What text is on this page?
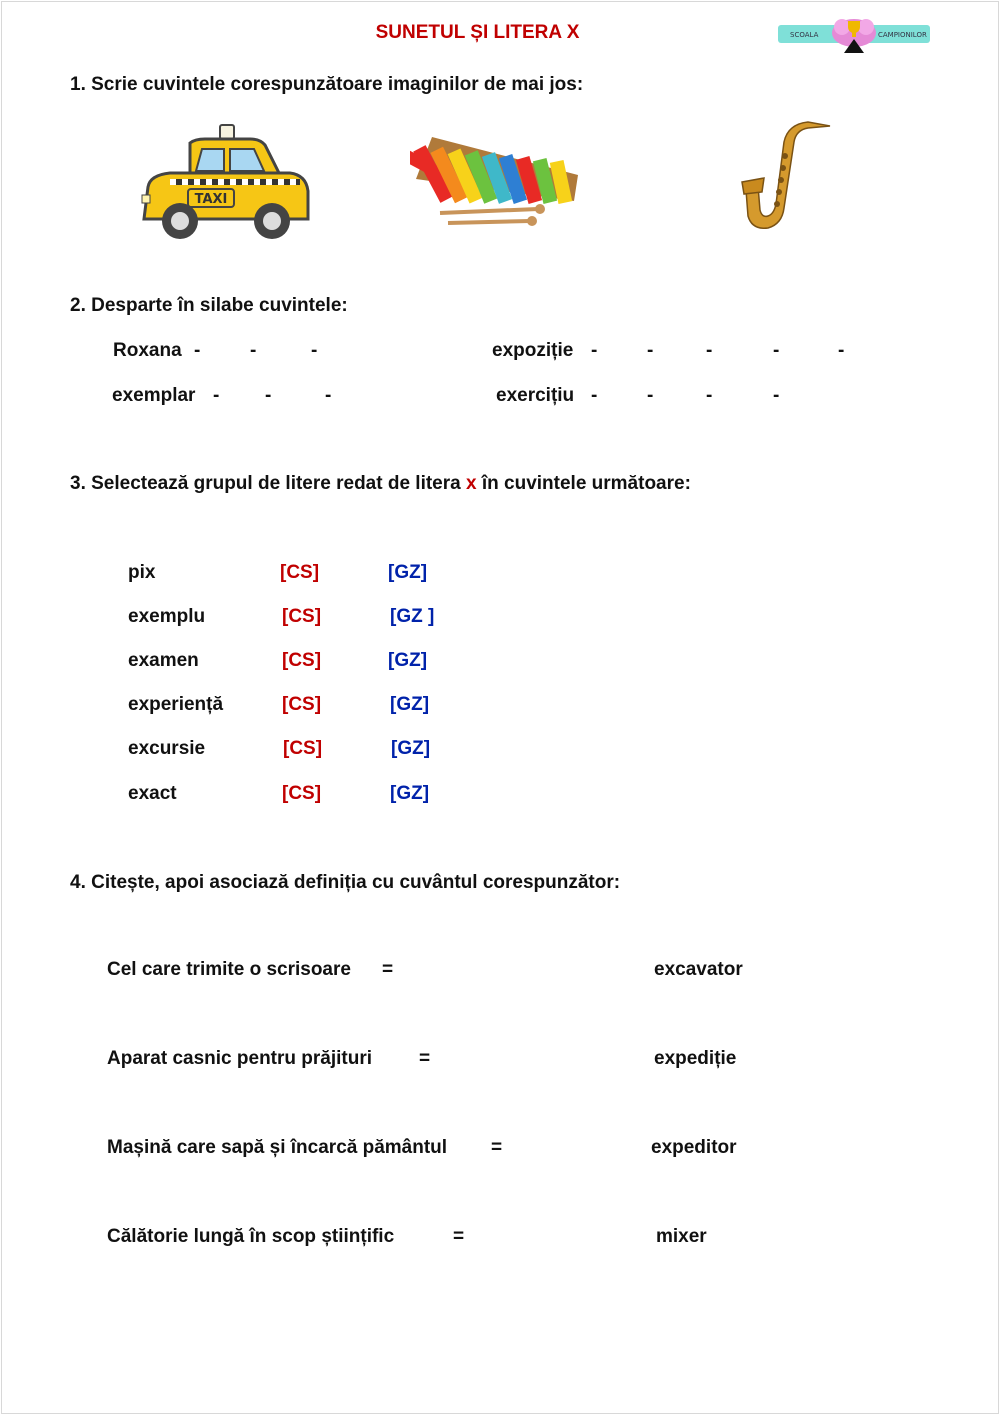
SUNETUL ȘI LITERA X	SCOALA	CAMPIONILOR
1. Scrie cuvintele corespunzătoare imaginilor de mai jos:
TAXI
2. Desparte în silabe cuvintele:
Roxana -	-	-	expoziție -	-	-	-	-
exemplar - -	-	exercițiu -	-	-	-
3. Selectează grupul de litere redat de litera x în cuvintele următoare:
pix	[CS]	[GZ]
exemplu	[CS]	[GZ ]
examen	[CS]	[GZ]
experiență	[CS]	[GZ]
excursie	[CS]	[GZ]
exact	[CS]	[GZ]
4. Citește, apoi asociază definiția cu cuvântul corespunzător:
Cel care trimite o scrisoare =	excavator
Aparat casnic pentru prăjituri =	expediție
Mașină care sapă și încarcă pământul =	expeditor
Călătorie lungă în scop științific	=	mixer
